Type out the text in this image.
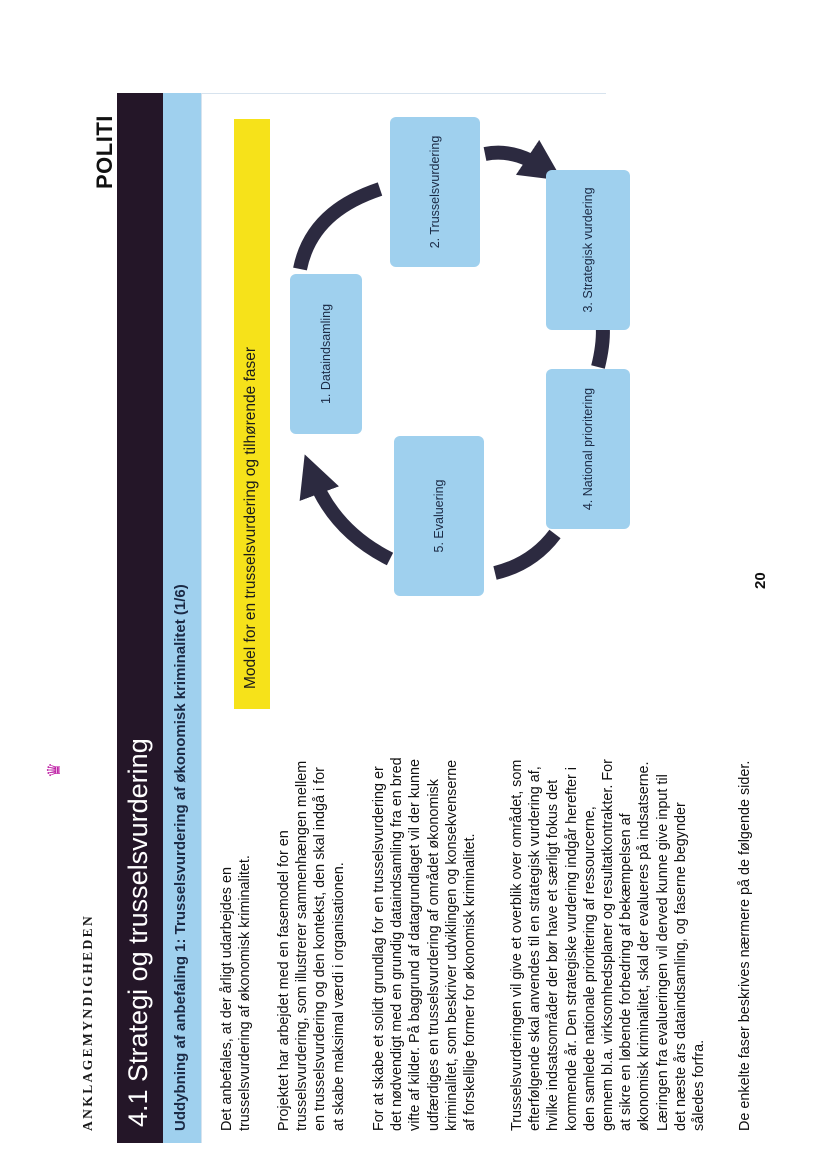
♛
ANKLAGEMYNDIGHEDEN
POLITI
4.1 Strategi og trusselsvurdering Uddybning af anbefaling 1: Trusselsvurdering af økonomisk kriminalitet (1/6) Det anbefales, at der årligt udarbejdes en
trusselsvurdering af økonomisk kriminalitet.
Projektet har arbejdet med en fasemodel for en
trusselsvurdering, som illustrerer sammenhængen mellem
en trusselsvurdering og den kontekst, den skal indgå i for
at skabe maksimal værdi i organisationen.
For at skabe et solidt grundlag for en trusselsvurdering er
det nødvendigt med en grundig dataindsamling fra en bred
vifte af kilder. På baggrund af datagrundlaget vil der kunne
udfærdiges en trusselsvurdering af området økonomisk
kriminalitet, som beskriver udviklingen og konsekvenserne
af forskellige former for økonomisk kriminalitet.
Trusselsvurderingen vil give et overblik over området, som
efterfølgende skal anvendes til en strategisk vurdering af,
hvilke indsatsområder der bør have et særligt fokus det
kommende år. Den strategiske vurdering indgår herefter i
den samlede nationale prioritering af ressourcerne,
gennem bl.a. virksomhedsplaner og resultatkontrakter. For
at sikre en løbende forbedring af bekæmpelsen af
økonomisk kriminalitet, skal der evalueres på indsatserne.
Læringen fra evalueringen vil derved kunne give input til
det næste års dataindsamling, og faserne begynder
således forfra. De enkelte faser beskrives nærmere på de følgende sider.
Model for en trusselsvurdering og tilhørende faser	1. Dataindsamling
2. Trusselsvurdering	3. Strategisk vurdering
4. National prioritering
5. Evaluering
20
